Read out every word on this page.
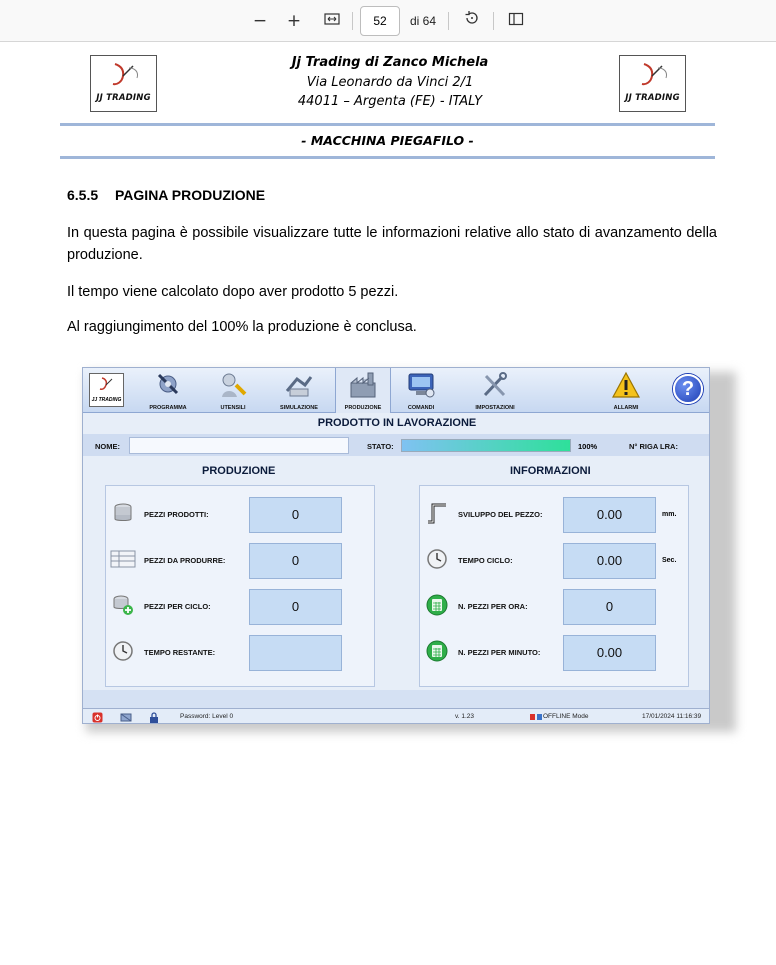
− +	52	di 64
JJ TRADING	JJ TRADING
Jj Trading di Zanco Michela
Via Leonardo da Vinci 2/1
44011 – Argenta (FE) - ITALY
- MACCHINA PIEGAFILO -
6.5.5 PAGINA PRODUZIONE
In questa pagina è possibile visualizzare tutte le informazioni relative allo stato di avanzamento della produzione.
Il tempo viene calcolato dopo aver prodotto 5 pezzi.
Al raggiungimento del 100% la produzione è conclusa.
JJ TRADING
PROGRAMMA	UTENSILI	SIMULAZIONE	PRODUZIONE	COMANDI	IMPOSTAZIONI	ALLARMI
?
PRODOTTO IN LAVORAZIONE
NOME:	STATO:	100%	N° RIGA LRA:
PRODUZIONE
PEZZI PRODOTTI:	0
PEZZI DA PRODURRE:	0
PEZZI PER CICLO:	0
TEMPO RESTANTE:
INFORMAZIONI
SVILUPPO DEL PEZZO:	0.00	mm.
TEMPO CICLO:	0.00	Sec.
N. PEZZI PER ORA:	0
N. PEZZI PER MINUTO:	0.00
Password: Level 0	v. 1.23	OFFLINE Mode	17/01/2024 11:16:39
